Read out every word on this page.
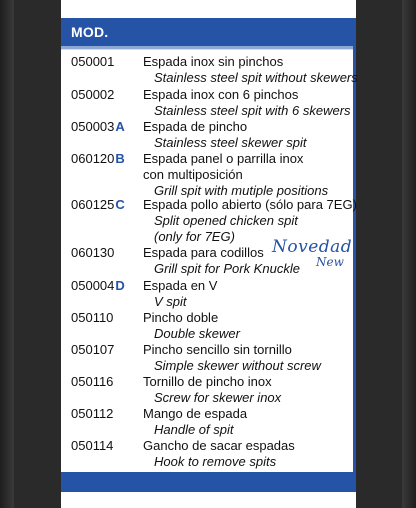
MOD.
050001 Espada inox sin pinchos
Stainless steel spit without skewers
050002 Espada inox con 6 pinchos
Stainless steel spit with 6 skewers
050003A Espada de pincho
Stainless steel skewer spit
060120B Espada panel o parrilla inox
con multiposición
Grill spit with mutiple positions
060125C Espada pollo abierto (sólo para 7EG)
Split opened chicken spit
(only for 7EG)
060130 Espada para codillos
Grill spit for Pork Knuckle
Novedad
New
050004D Espada en V
V spit
050110 Pincho doble
Double skewer
050107 Pincho sencillo sin tornillo
Simple skewer without screw
050116 Tornillo de pincho inox
Screw for skewer inox
050112 Mango de espada
Handle of spit
050114 Gancho de sacar espadas
Hook to remove spits
